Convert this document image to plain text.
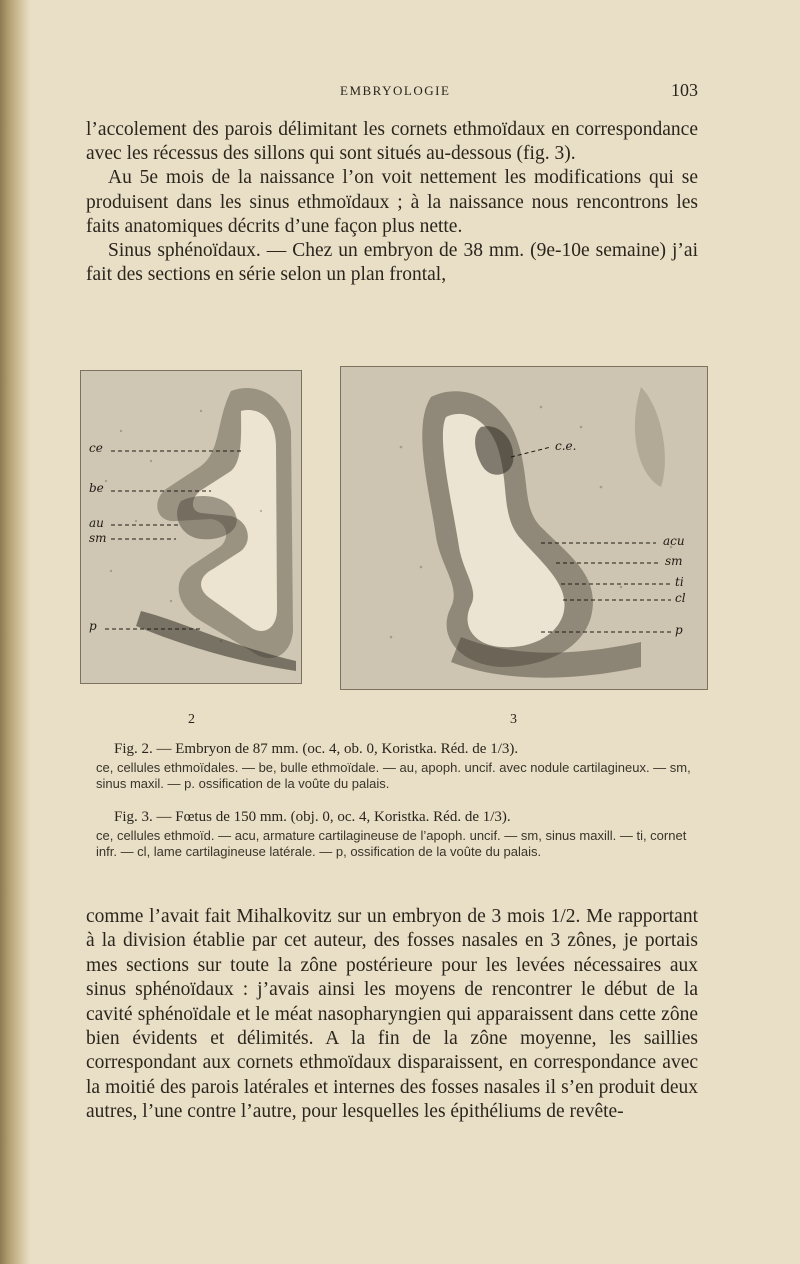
EMBRYOLOGIE	103

l’accolement des parois délimitant les cornets ethmoïdaux en correspondance avec les récessus des sillons qui sont situés au-dessous (fig. 3).

Au 5e mois de la naissance l’on voit nettement les modifications qui se produisent dans les sinus ethmoïdaux ; à la naissance nous rencontrons les faits anatomiques décrits d’une façon plus nette.

Sinus sphénoïdaux. — Chez un embryon de 38 mm. (9e-10e semaine) j’ai fait des sections en série selon un plan frontal,

ce
be
au
sm
p
c.e.
acu
sm
ti
cl
p
2	3

Fig. 2. — Embryon de 87 mm. (oc. 4, ob. 0, Koristka. Réd. de 1/3).

ce, cellules ethmoïdales. — be, bulle ethmoïdale. — au, apoph. uncif. avec nodule cartilagineux. — sm, sinus maxil. — p. ossification de la voûte du palais.

Fig. 3. — Fœtus de 150 mm. (obj. 0, oc. 4, Koristka. Réd. de 1/3).

ce, cellules ethmoïd. — acu, armature cartilagineuse de l’apoph. uncif. — sm, sinus maxill. — ti, cornet infr. — cl, lame cartilagineuse latérale. — p, ossification de la voûte du palais.

comme l’avait fait Mihalkovitz sur un embryon de 3 mois 1/2. Me rapportant à la division établie par cet auteur, des fosses nasales en 3 zônes, je portais mes sections sur toute la zône postérieure pour les levées nécessaires aux sinus sphénoïdaux : j’avais ainsi les moyens de rencontrer le début de la cavité sphénoïdale et le méat nasopharyngien qui apparaissent dans cette zône bien évidents et délimités. A la fin de la zône moyenne, les saillies correspondant aux cornets ethmoïdaux disparaissent, en correspondance avec la moitié des parois latérales et internes des fosses nasales il s’en produit deux autres, l’une contre l’autre, pour lesquelles les épithéliums de revête-
